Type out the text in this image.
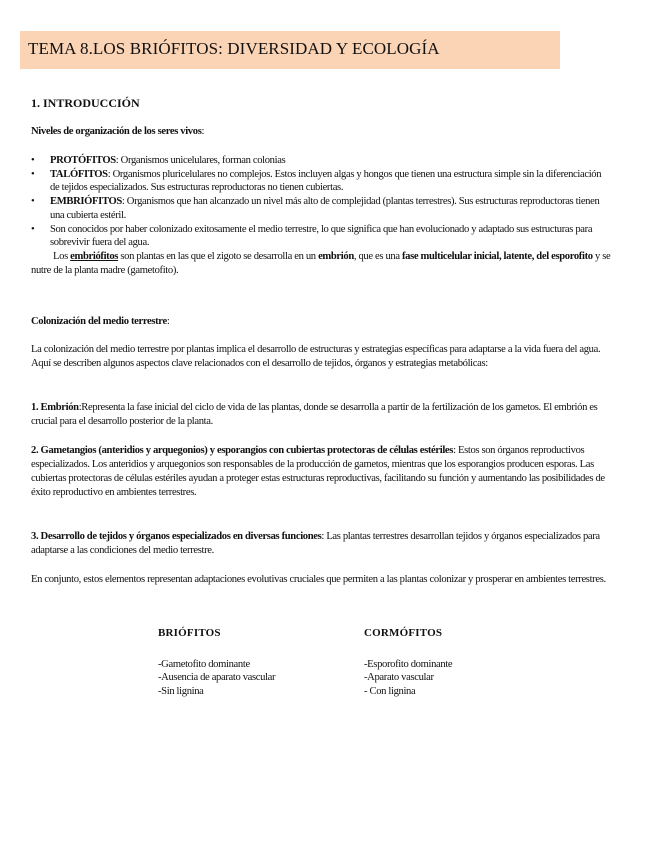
TEMA 8.LOS BRIÓFITOS: DIVERSIDAD Y ECOLOGÍA
1. INTRODUCCIÓN
Niveles de organización de los seres vivos:

• PROTÓFITOS: Organismos unicelulares, forman colonias

• TALÓFITOS: Organismos pluricelulares no complejos. Estos incluyen algas y hongos que tienen una estructura simple sin la diferenciación de tejidos especializados. Sus estructuras reproductoras no tienen cubiertas.

• EMBRIÓFITOS: Organismos que han alcanzado un nivel más alto de complejidad (plantas terrestres). Sus estructuras reproductoras tienen una cubierta estéril.

• Son conocidos por haber colonizado exitosamente el medio terrestre, lo que significa que han evolucionado y adaptado sus estructuras para sobrevivir fuera del agua.

Los embriófitos son plantas en las que el zigoto se desarrolla en un embrión, que es una fase multicelular inicial, latente, del esporofito y se nutre de la planta madre (gametofito).

Colonización del medio terrestre:
La colonización del medio terrestre por plantas implica el desarrollo de estructuras y estrategias específicas para adaptarse a la vida fuera del agua. Aquí se describen algunos aspectos clave relacionados con el desarrollo de tejidos, órganos y estrategias metabólicas:
1. Embrión:Representa la fase inicial del ciclo de vida de las plantas, donde se desarrolla a partir de la fertilización de los gametos. El embrión es crucial para el desarrollo posterior de la planta.
2. Gametangios (anteridios y arquegonios) y esporangios con cubiertas protectoras de células estériles: Estos son órganos reproductivos especializados. Los anteridios y arquegonios son responsables de la producción de gametos, mientras que los esporangios producen esporas. Las cubiertas protectoras de células estériles ayudan a proteger estas estructuras reproductivas, facilitando su función y aumentando las posibilidades de éxito reproductivo en ambientes terrestres.
3. Desarrollo de tejidos y órganos especializados en diversas funciones: Las plantas terrestres desarrollan tejidos y órganos especializados para adaptarse a las condiciones del medio terrestre.
En conjunto, estos elementos representan adaptaciones evolutivas cruciales que permiten a las plantas colonizar y prosperar en ambientes terrestres.
BRIÓFITOS
-Gametofito dominante
-Ausencia de aparato vascular
-Sin lignina
CORMÓFITOS
-Esporofito dominante
-Aparato vascular
- Con lignina
